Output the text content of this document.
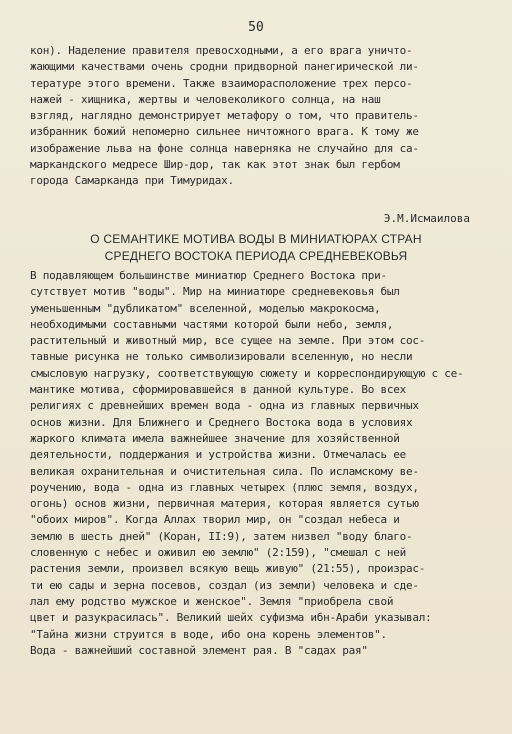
50
кон). Наделение правителя превосходными, а его врага уничто-
жающими качествами очень сродни придворной панегирической ли-
тературе этого времени. Также взаиморасположение трех персо-
нажей - хищника, жертвы и человеколикого солнца, на наш
взгляд, наглядно демонстрирует метафору о том, что правитель-
избранник божий непомерно сильнее ничтожного врага. К тому же
изображение льва на фоне солнца наверняка не случайно для са-
маркандского медресе Шир-дор, так как этот знак был гербом
города Самарканда при Тимуридах.
Э.М.Исмаилова
О СЕМАНТИКЕ МОТИВА ВОДЫ В МИНИАТЮРАХ СТРАН
СРЕДНЕГО ВОСТОКА ПЕРИОДА СРЕДНЕВЕКОВЬЯ
В подавляющем большинстве миниатюр Среднего Востока при-
сутствует мотив "воды". Мир на миниатюре средневековья был
уменьшенным "дубликатом" вселенной, моделью макрокосма,
необходимыми составными частями которой были небо, земля,
растительный и животный мир, все сущее на земле. При этом сос-
тавные рисунка не только символизировали вселенную, но несли
смысловую нагрузку, соответствующую сюжету и корреспондирующую с се-
мантике мотива, сформировавшейся в данной культуре. Во всех
религиях с древнейших времен вода - одна из главных первичных
основ жизни. Для Ближнего и Среднего Востока вода в условиях
жаркого климата имела важнейшее значение для хозяйственной
деятельности, поддержания и устройства жизни. Отмечалась ее
великая охранительная и очистительная сила. По исламскому ве-
роучению, вода - одна из главных четырех (плюс земля, воздух,
огонь) основ жизни, первичная материя, которая является сутью
"обоих миров". Когда Аллах творил мир, он "создал небеса и
землю в шесть дней" (Коран, II:9), затем низвел "воду благо-
словенную с небес и оживил ею землю" (2:159), "смешал с ней
растения земли, произвел всякую вещь живую" (21:55), произрас-
ти ею сады и зерна посевов, создал (из земли) человека и сде-
лал ему родство мужское и женское". Земля "приобрела свой
цвет и разукрасилась". Великий шейх суфизма ибн-Араби указывал:
"Тайна жизни струится в воде, ибо она корень элементов".
Вода - важнейший составной элемент рая. В "садах рая"
